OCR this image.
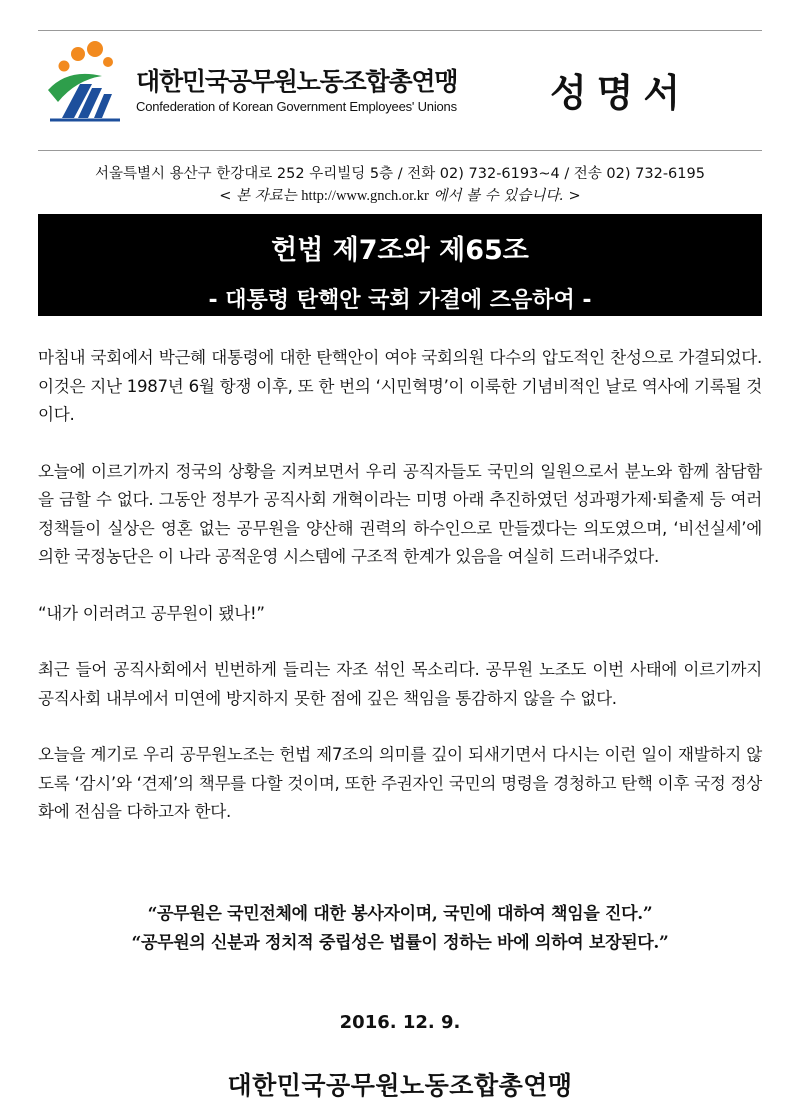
대한민국공무원노동조합총연맹
Confederation of Korean Government Employees' Unions	성명서
서울특별시 용산구 한강대로 252 우리빌딩 5층 / 전화 02) 732-6193~4 / 전송 02) 732-6195
< 본 자료는 http://www.gnch.or.kr 에서 볼 수 있습니다. >
헌법 제7조와 제65조
- 대통령 탄핵안 국회 가결에 즈음하여 -

마침내 국회에서 박근혜 대통령에 대한 탄핵안이 여야 국회의원 다수의 압도적인 찬성으로 가결되었다. 이것은 지난 1987년 6월 항쟁 이후, 또 한 번의 ‘시민혁명’이 이룩한 기념비적인 날로 역사에 기록될 것이다.

오늘에 이르기까지 정국의 상황을 지켜보면서 우리 공직자들도 국민의 일원으로서 분노와 함께 참담함을 금할 수 없다. 그동안 정부가 공직사회 개혁이라는 미명 아래 추진하였던 성과평가제·퇴출제 등 여러 정책들이 실상은 영혼 없는 공무원을 양산해 권력의 하수인으로 만들겠다는 의도였으며, ‘비선실세’에 의한 국정농단은 이 나라 공적운영 시스템에 구조적 한계가 있음을 여실히 드러내주었다.

“내가 이러려고 공무원이 됐나!”

최근 들어 공직사회에서 빈번하게 들리는 자조 섞인 목소리다. 공무원 노조도 이번 사태에 이르기까지 공직사회 내부에서 미연에 방지하지 못한 점에 깊은 책임을 통감하지 않을 수 없다.

오늘을 계기로 우리 공무원노조는 헌법 제7조의 의미를 깊이 되새기면서 다시는 이런 일이 재발하지 않도록 ‘감시’와 ‘견제’의 책무를 다할 것이며, 또한 주권자인 국민의 명령을 경청하고 탄핵 이후 국정 정상화에 전심을 다하고자 한다.

“공무원은 국민전체에 대한 봉사자이며, 국민에 대하여 책임을 진다.”
“공무원의 신분과 정치적 중립성은 법률이 정하는 바에 의하여 보장된다.”
2016. 12. 9.
대한민국공무원노동조합총연맹
